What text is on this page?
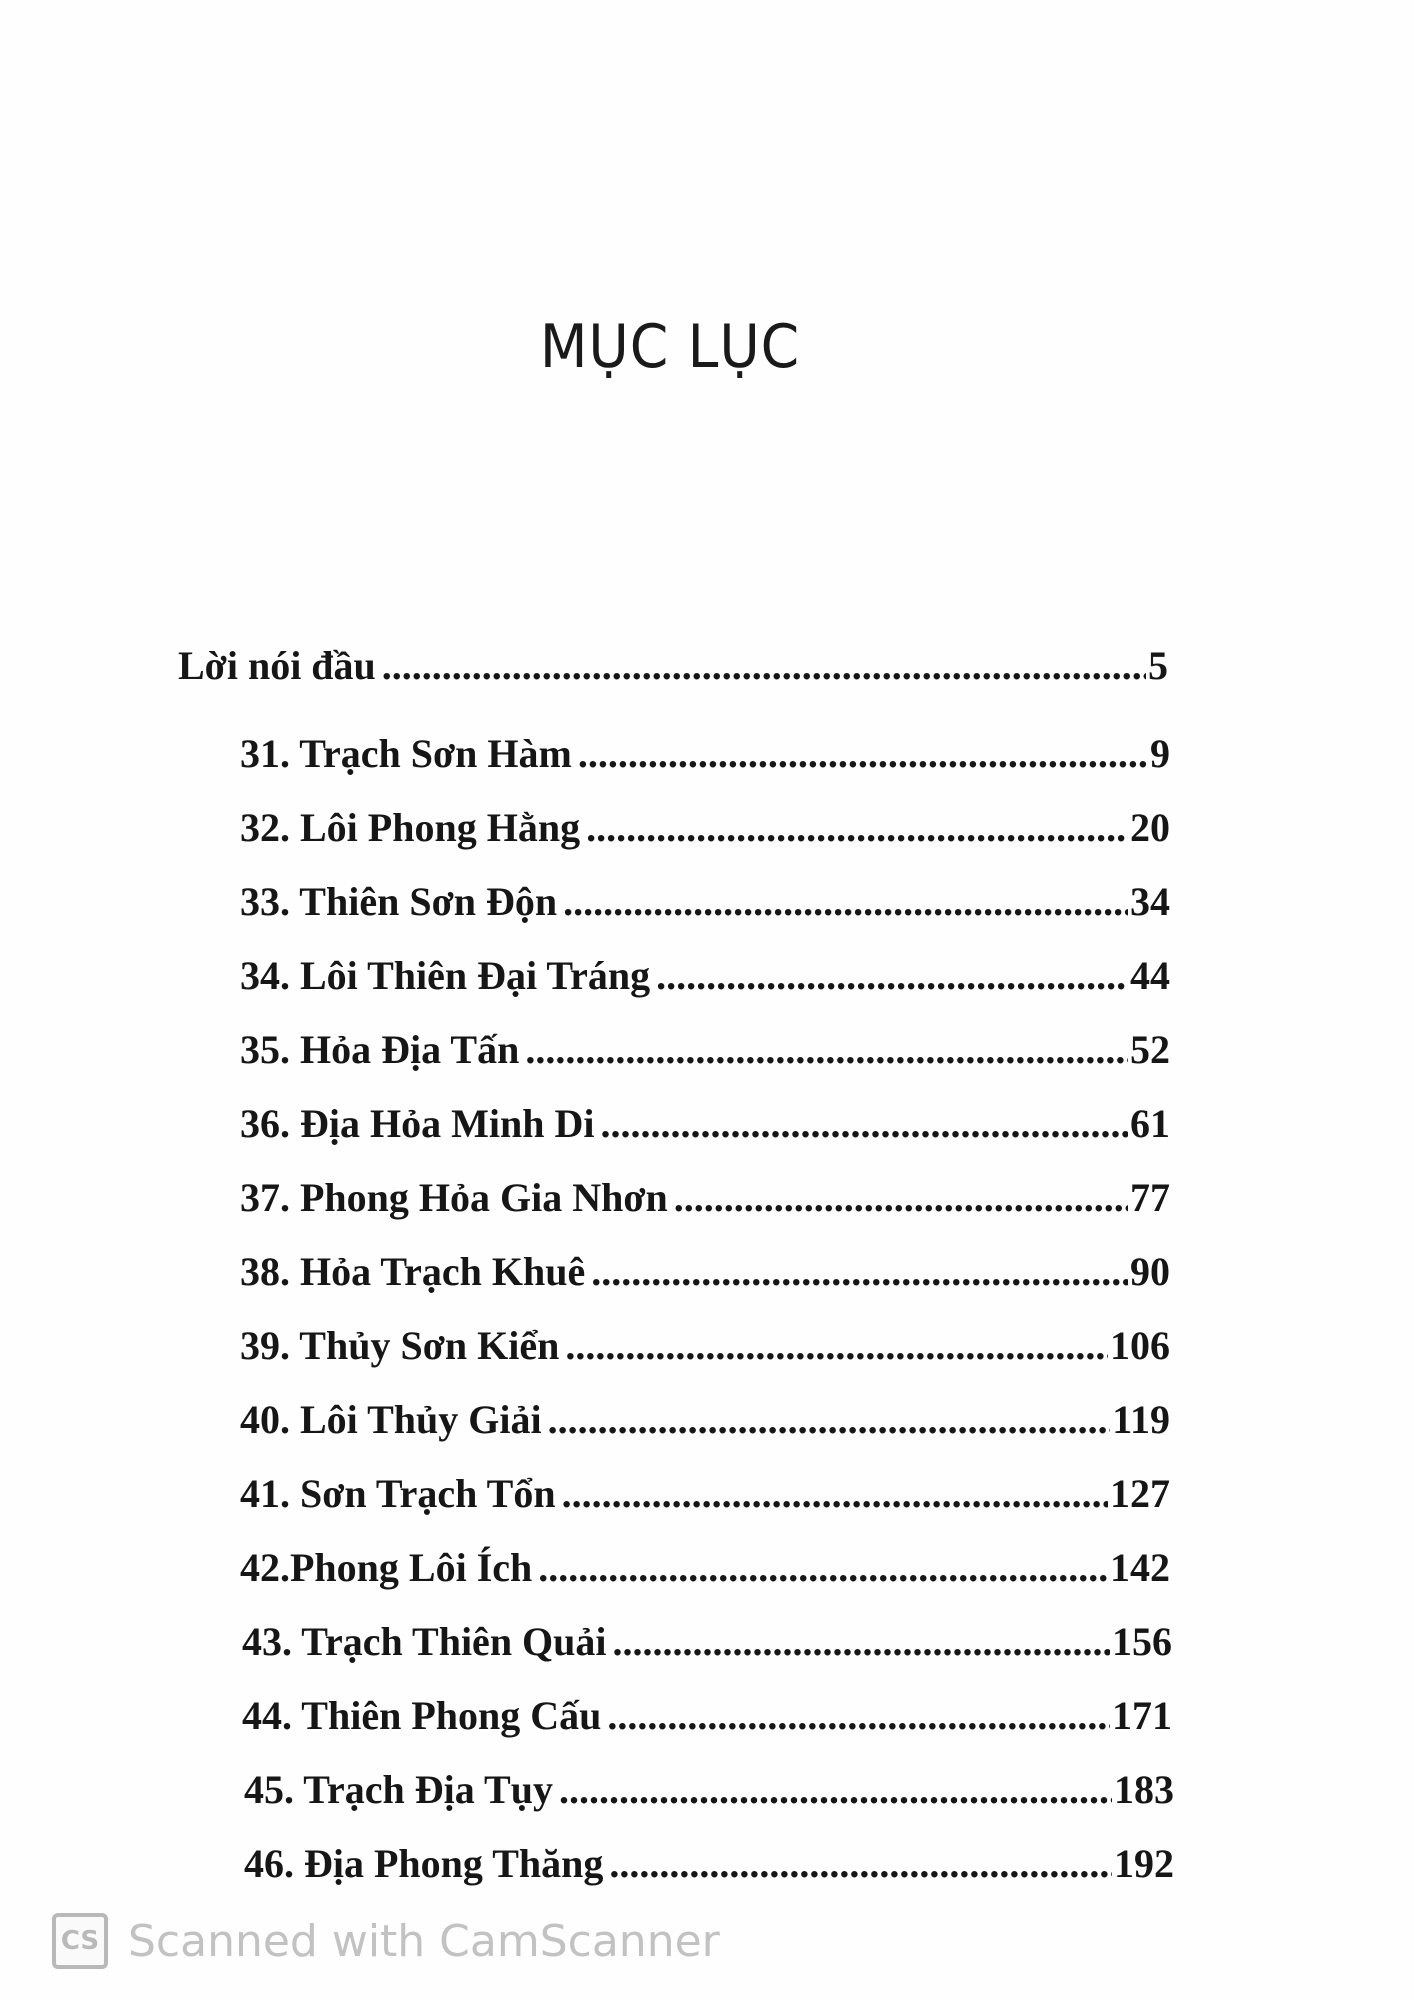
MỤC LỤC
Lời nói đầu .....	5
31. Trạch Sơn Hàm .....	9
32. Lôi Phong Hằng .....	20
33. Thiên Sơn Độn .....	34
34. Lôi Thiên Đại Tráng .....	44
35. Hỏa Địa Tấn .....	52
36. Địa Hỏa Minh Di .....	61
37. Phong Hỏa Gia Nhơn .....	77
38. Hỏa Trạch Khuê .....	90
39. Thủy Sơn Kiển .....	106
40. Lôi Thủy Giải .....	119
41. Sơn Trạch Tổn .....	127
42.Phong Lôi Ích .....	142
43. Trạch Thiên Quải .....	156
44. Thiên Phong Cấu .....	171
45. Trạch Địa Tụy .....	183
46. Địa Phong Thăng .....	192
CS Scanned with CamScanner
